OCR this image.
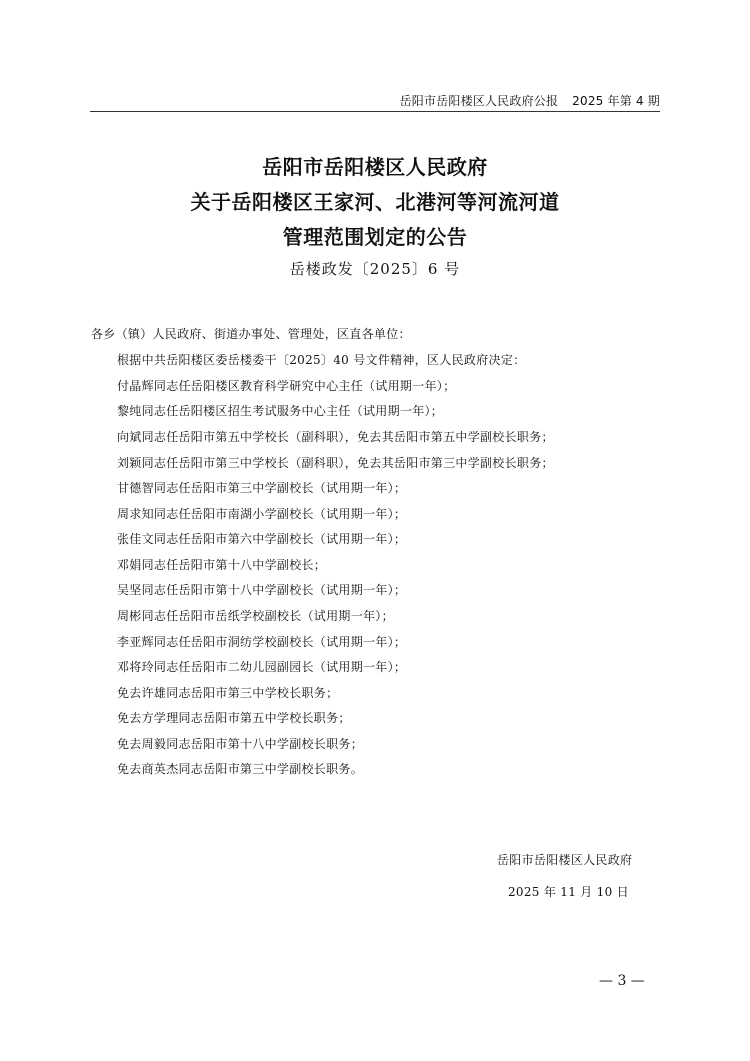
岳阳市岳阳楼区人民政府公报 2025 年第 4 期
岳阳市岳阳楼区人民政府
关于岳阳楼区王家河、北港河等河流河道
管理范围划定的公告
岳楼政发〔2025〕6 号
各乡（镇）人民政府、街道办事处、管理处，区直各单位：
根据中共岳阳楼区委岳楼委干〔2025〕40 号文件精神，区人民政府决定：
付晶辉同志任岳阳楼区教育科学研究中心主任（试用期一年）；
黎纯同志任岳阳楼区招生考试服务中心主任（试用期一年）；
向斌同志任岳阳市第五中学校长（副科职），免去其岳阳市第五中学副校长职务；
刘颖同志任岳阳市第三中学校长（副科职），免去其岳阳市第三中学副校长职务；
甘德智同志任岳阳市第三中学副校长（试用期一年）；
周求知同志任岳阳市南湖小学副校长（试用期一年）；
张佳文同志任岳阳市第六中学副校长（试用期一年）；
邓娟同志任岳阳市第十八中学副校长；
吴坚同志任岳阳市第十八中学副校长（试用期一年）；
周彬同志任岳阳市岳纸学校副校长（试用期一年）；
李亚辉同志任岳阳市洞纺学校副校长（试用期一年）；
邓将玲同志任岳阳市二幼儿园副园长（试用期一年）；
免去许雄同志岳阳市第三中学校长职务；
免去方学理同志岳阳市第五中学校长职务；
免去周毅同志岳阳市第十八中学副校长职务；
免去商英杰同志岳阳市第三中学副校长职务。
岳阳市岳阳楼区人民政府
2025 年 11 月 10 日
— 3 —
